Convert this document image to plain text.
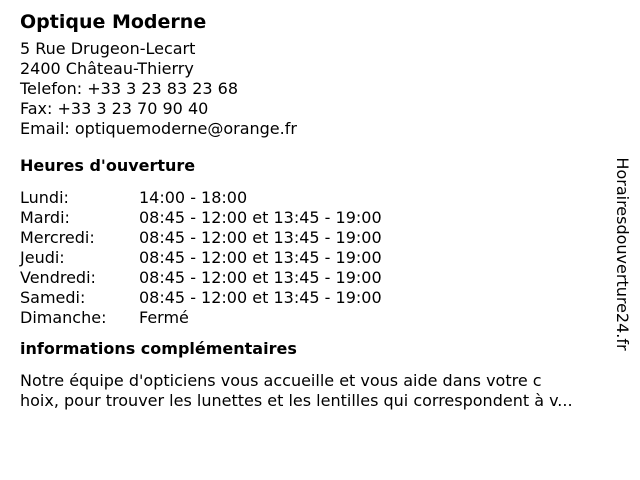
Optique Moderne
5 Rue Drugeon-Lecart
2400 Château-Thierry
Telefon: +33 3 23 83 23 68
Fax: +33 3 23 70 90 40
Email: optiquemoderne@orange.fr
Heures d'ouverture
Lundi:	14:00 - 18:00
Mardi:	08:45 - 12:00 et 13:45 - 19:00
Mercredi:	08:45 - 12:00 et 13:45 - 19:00
Jeudi:	08:45 - 12:00 et 13:45 - 19:00
Vendredi:	08:45 - 12:00 et 13:45 - 19:00
Samedi:	08:45 - 12:00 et 13:45 - 19:00
Dimanche:	Fermé
informations complémentaires
Notre équipe d'opticiens vous accueille et vous aide dans votre c
hoix, pour trouver les lunettes et les lentilles qui correspondent à v...
Horairesdouverture24.fr
